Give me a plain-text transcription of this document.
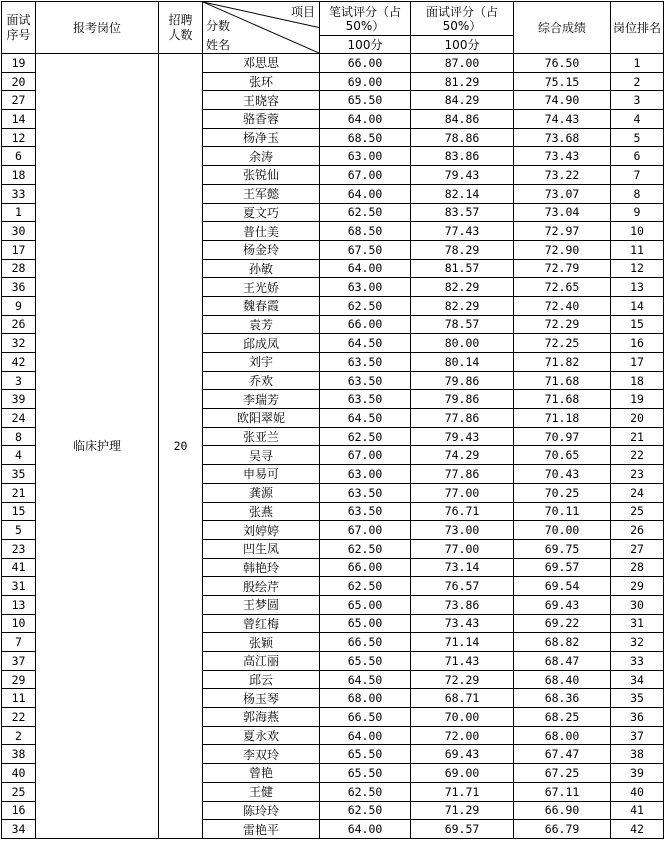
面试序号	报考岗位	招聘人数	项目
分数
姓名	笔试评分（占50%）	面试评分（占50%）	综合成绩	岗位排名
				100分	100分		
19	临床护理	20	邓思思	66.00	87.00	76.50	1
20			张环	69.00	81.29	75.15	2
27			王晓容	65.50	84.29	74.90	3
14			骆香蓉	64.00	84.86	74.43	4
12			杨净玉	68.50	78.86	73.68	5
6			余涛	63.00	83.86	73.43	6
18			张锐仙	67.00	79.43	73.22	7
33			王军懿	64.00	82.14	73.07	8
1			夏文巧	62.50	83.57	73.04	9
30			普仕美	68.50	77.43	72.97	10
17			杨金玲	67.50	78.29	72.90	11
28			孙敏	64.00	81.57	72.79	12
36			王光娇	63.00	82.29	72.65	13
9			魏春霞	62.50	82.29	72.40	14
26			袁芳	66.00	78.57	72.29	15
32			邱成凤	64.50	80.00	72.25	16
42			刘宇	63.50	80.14	71.82	17
3			乔欢	63.50	79.86	71.68	18
39			李瑞芳	63.50	79.86	71.68	19
24			欧阳翠妮	64.50	77.86	71.18	20
8			张亚兰	62.50	79.43	70.97	21
4			吴寻	67.00	74.29	70.65	22
35			申易可	63.00	77.86	70.43	23
21			龚源	63.50	77.00	70.25	24
15			张燕	63.50	76.71	70.11	25
5			刘婷婷	67.00	73.00	70.00	26
23			凹生凤	62.50	77.00	69.75	27
41			韩艳玲	66.00	73.14	69.57	28
31			殷绘芹	62.50	76.57	69.54	29
13			王梦圆	65.00	73.86	69.43	30
10			曾红梅	65.00	73.43	69.22	31
7			张颖	66.50	71.14	68.82	32
37			高江丽	65.50	71.43	68.47	33
29			邱云	64.50	72.29	68.40	34
11			杨玉琴	68.00	68.71	68.36	35
22			郭海燕	66.50	70.00	68.25	36
2			夏永欢	64.00	72.00	68.00	37
38			李双玲	65.50	69.43	67.47	38
40			曾艳	65.50	69.00	67.25	39
25			王健	62.50	71.71	67.11	40
16			陈玲玲	62.50	71.29	66.90	41
34			雷艳平	64.00	69.57	66.79	42
